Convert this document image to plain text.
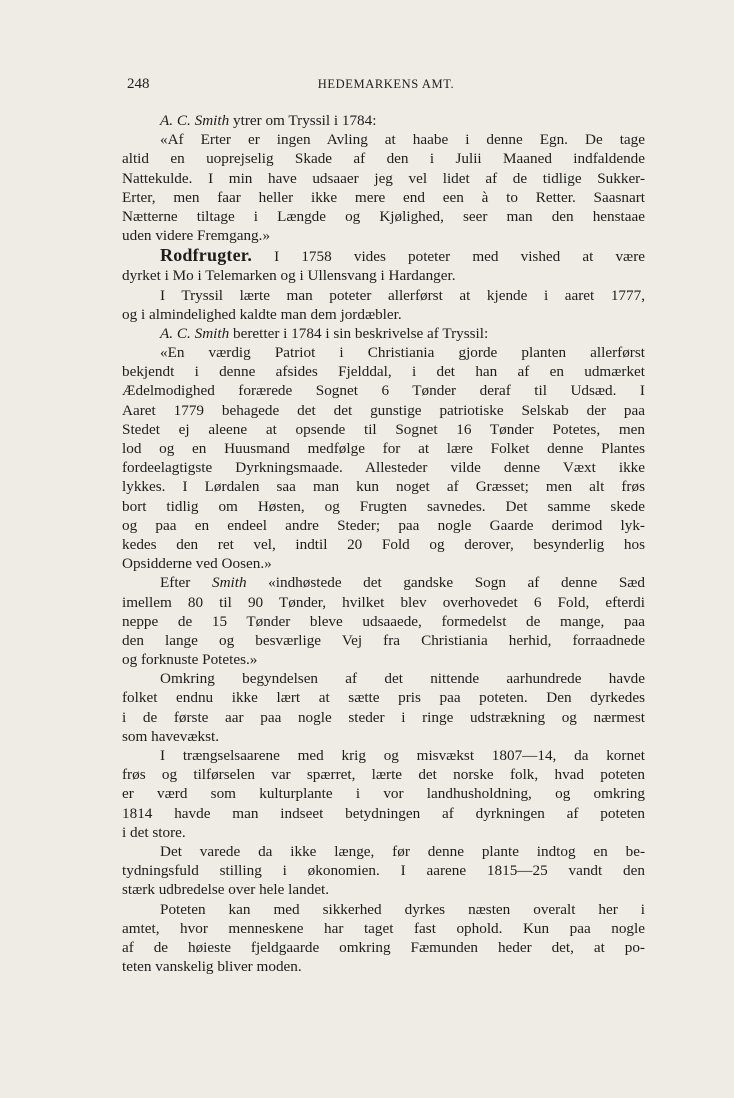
248	HEDEMARKENS AMT.
A. C. Smith ytrer om Tryssil i 1784:
«Af Erter er ingen Avling at haabe i denne Egn. De tage
altid en uoprejselig Skade af den i Julii Maaned indfaldende
Nattekulde. I min have udsaaer jeg vel lidet af de tidlige Sukker-
Erter, men faar heller ikke mere end een à to Retter. Saasnart
Nætterne tiltage i Længde og Kjølighed, seer man den henstaae
uden videre Fremgang.»
Rodfrugter. I 1758 vides poteter med vished at være
dyrket i Mo i Telemarken og i Ullensvang i Hardanger.
I Tryssil lærte man poteter allerførst at kjende i aaret 1777,
og i almindelighed kaldte man dem jordæbler.
A. C. Smith beretter i 1784 i sin beskrivelse af Tryssil:
«En værdig Patriot i Christiania gjorde planten allerførst
bekjendt i denne afsides Fjelddal, i det han af en udmærket
Ædelmodighed forærede Sognet 6 Tønder deraf til Udsæd. I
Aaret 1779 behagede det det gunstige patriotiske Selskab der paa
Stedet ej aleene at opsende til Sognet 16 Tønder Potetes, men
lod og en Huusmand medfølge for at lære Folket denne Plantes
fordeelagtigste Dyrkningsmaade. Allesteder vilde denne Væxt ikke
lykkes. I Lørdalen saa man kun noget af Græsset; men alt frøs
bort tidlig om Høsten, og Frugten savnedes. Det samme skede
og paa en endeel andre Steder; paa nogle Gaarde derimod lyk-
kedes den ret vel, indtil 20 Fold og derover, besynderlig hos
Opsidderne ved Oosen.»
Efter Smith «indhøstede det gandske Sogn af denne Sæd
imellem 80 til 90 Tønder, hvilket blev overhovedet 6 Fold, efterdi
neppe de 15 Tønder bleve udsaaede, formedelst de mange, paa
den lange og besværlige Vej fra Christiania herhid, forraadnede
og forknuste Potetes.»
Omkring begyndelsen af det nittende aarhundrede havde
folket endnu ikke lært at sætte pris paa poteten. Den dyrkedes
i de første aar paa nogle steder i ringe udstrækning og nærmest
som havevækst.
I trængselsaarene med krig og misvækst 1807—14, da kornet
frøs og tilførselen var spærret, lærte det norske folk, hvad poteten
er værd som kulturplante i vor landhusholdning, og omkring
1814 havde man indseet betydningen af dyrkningen af poteten
i det store.
Det varede da ikke længe, før denne plante indtog en be-
tydningsfuld stilling i økonomien. I aarene 1815—25 vandt den
stærk udbredelse over hele landet.
Poteten kan med sikkerhed dyrkes næsten overalt her i
amtet, hvor menneskene har taget fast ophold. Kun paa nogle
af de høieste fjeldgaarde omkring Fæmunden heder det, at po-
teten vanskelig bliver moden.
